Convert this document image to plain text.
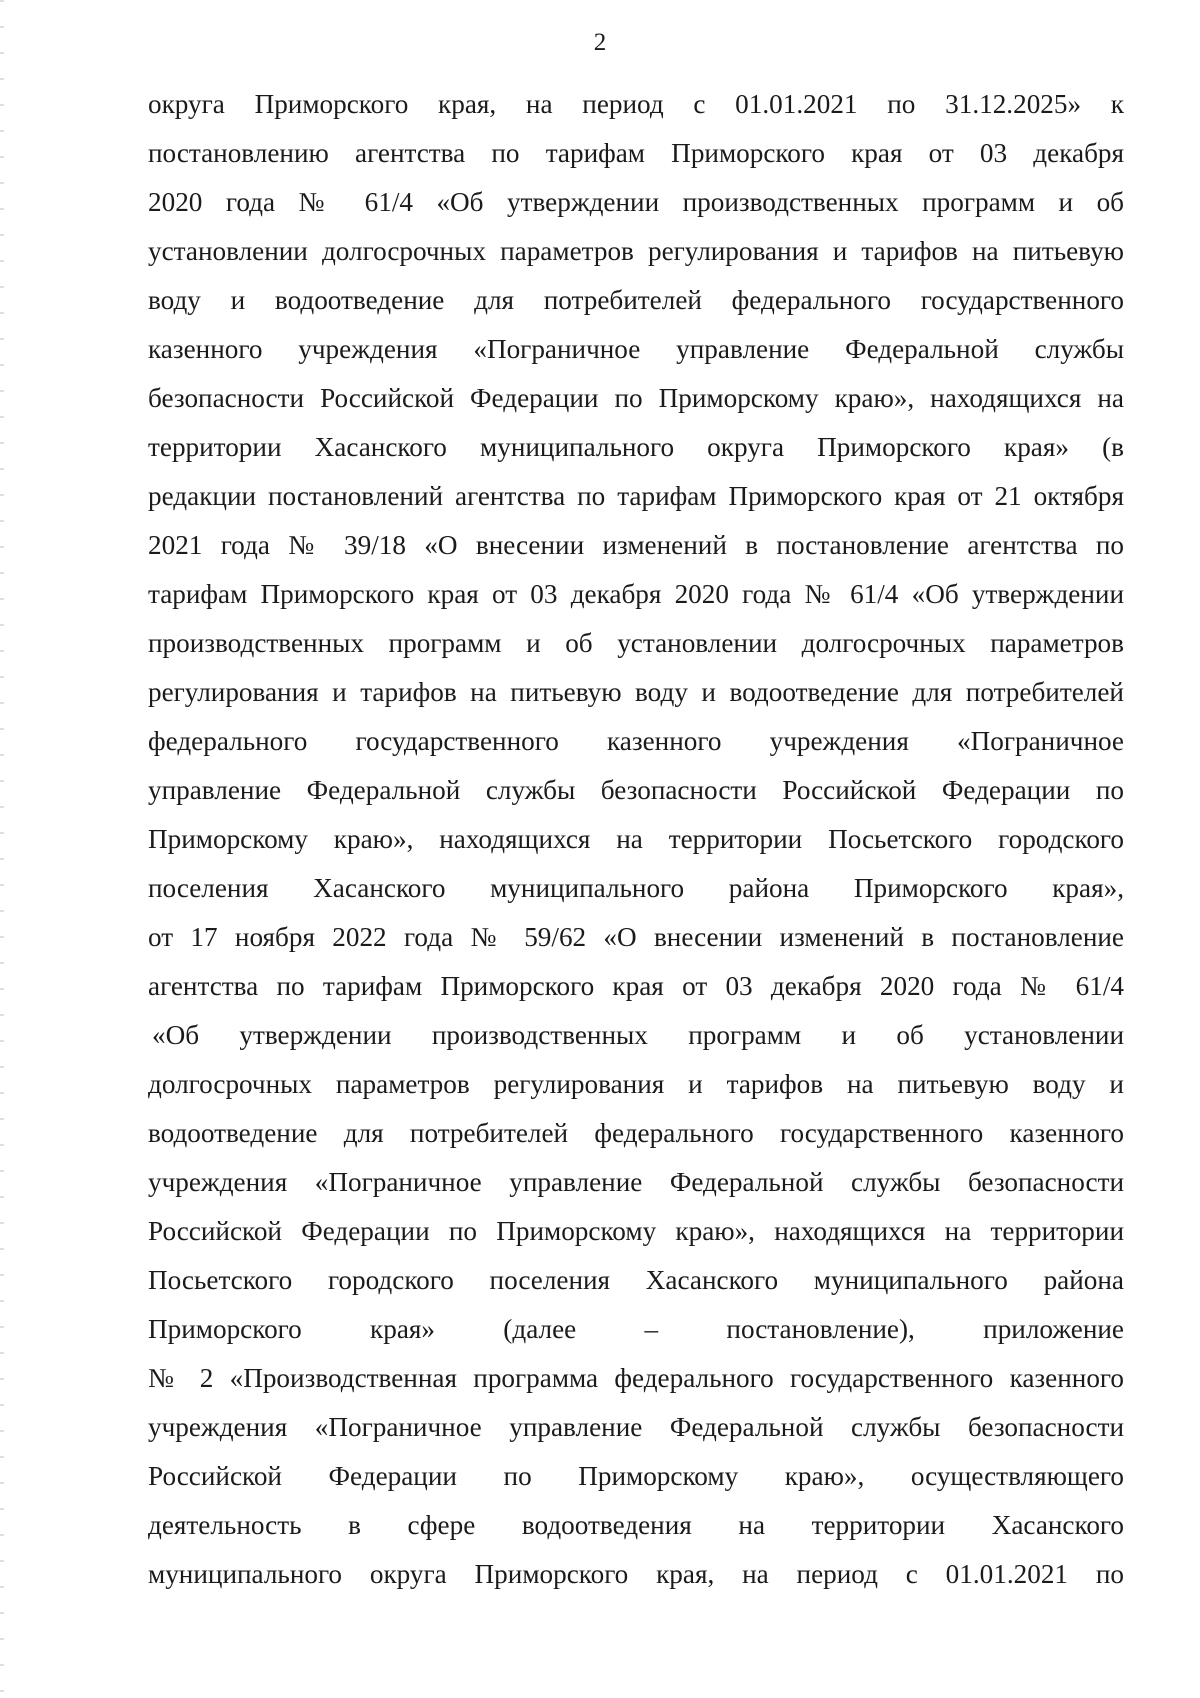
2
округа Приморского края, на период с 01.01.2021 по 31.12.2025» к
постановлению агентства по тарифам Приморского края от 03 декабря
2020 года № 61/4 «Об утверждении производственных программ и об
установлении долгосрочных параметров регулирования и тарифов на питьевую
воду и водоотведение для потребителей федерального государственного
казенного учреждения «Пограничное управление Федеральной службы
безопасности Российской Федерации по Приморскому краю», находящихся на
территории Хасанского муниципального округа Приморского края» (в
редакции постановлений агентства по тарифам Приморского края от 21 октября
2021 года № 39/18 «О внесении изменений в постановление агентства по
тарифам Приморского края от 03 декабря 2020 года № 61/4 «Об утверждении
производственных программ и об установлении долгосрочных параметров
регулирования и тарифов на питьевую воду и водоотведение для потребителей
федерального государственного казенного учреждения «Пограничное
управление Федеральной службы безопасности Российской Федерации по
Приморскому краю», находящихся на территории Посьетского городского
поселения Хасанского муниципального района Приморского края»,
от 17 ноября 2022 года № 59/62 «О внесении изменений в постановление
агентства по тарифам Приморского края от 03 декабря 2020 года № 61/4
«Об утверждении производственных программ и об установлении
долгосрочных параметров регулирования и тарифов на питьевую воду и
водоотведение для потребителей федерального государственного казенного
учреждения «Пограничное управление Федеральной службы безопасности
Российской Федерации по Приморскому краю», находящихся на территории
Посьетского городского поселения Хасанского муниципального района
Приморского края» (далее – постановление), приложение
№ 2 «Производственная программа федерального государственного казенного
учреждения «Пограничное управление Федеральной службы безопасности
Российской Федерации по Приморскому краю», осуществляющего
деятельность в сфере водоотведения на территории Хасанского
муниципального округа Приморского края, на период с 01.01.2021 по
